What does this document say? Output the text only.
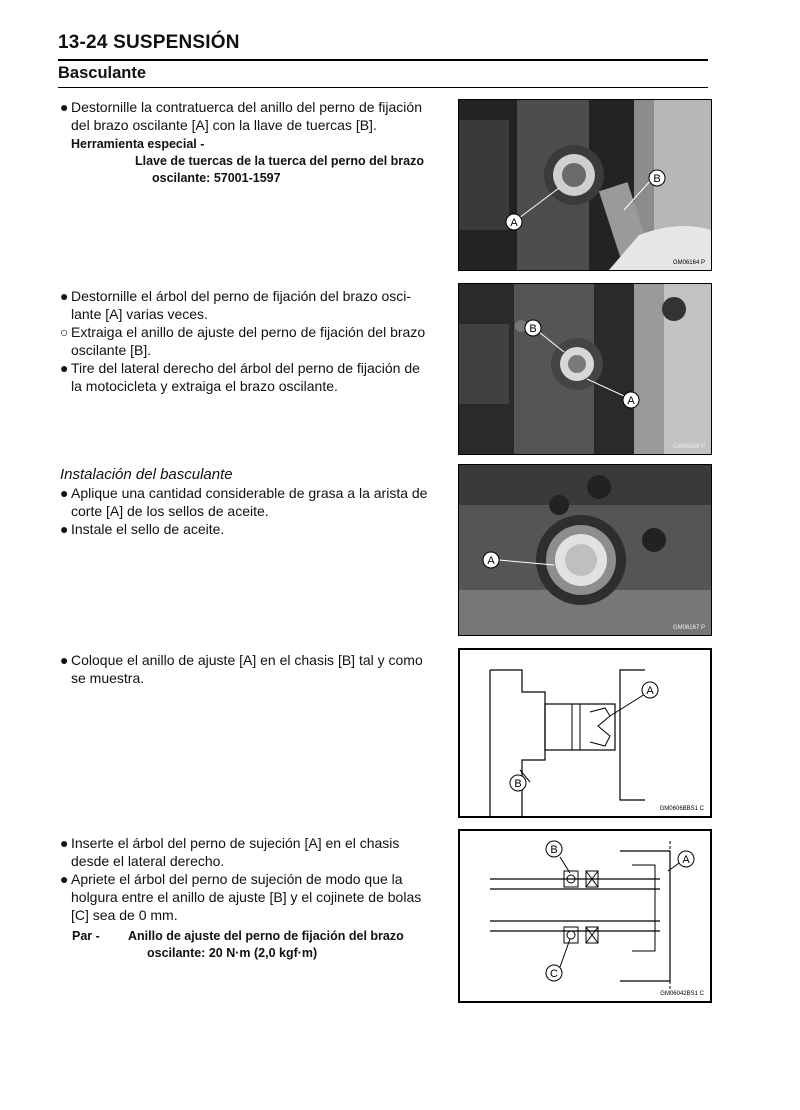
13-24 SUSPENSIÓN
Basculante
● Destornille la contratuerca del anillo del perno de fijación
del brazo oscilante [A] con la llave de tuercas [B].
Herramienta especial -
Llave de tuercas de la tuerca del perno del brazo
oscilante: 57001-1597
● Destornille el árbol del perno de fijación del brazo osci-
lante [A] varias veces.
○ Extraiga el anillo de ajuste del perno de fijación del brazo
oscilante [B].
● Tire del lateral derecho del árbol del perno de fijación de
la motocicleta y extraiga el brazo oscilante.
Instalación del basculante
● Aplique una cantidad considerable de grasa a la arista de
corte [A] de los sellos de aceite.
● Instale el sello de aceite.
● Coloque el anillo de ajuste [A] en el chasis [B] tal y como
se muestra.
● Inserte el árbol del perno de sujeción [A] en el chasis
desde el lateral derecho.
● Apriete el árbol del perno de sujeción de modo que la
holgura entre el anillo de ajuste [B] y el cojinete de bolas
[C] sea de 0 mm.
Par - Anillo de ajuste del perno de fijación del brazo
oscilante: 20 N·m (2,0 kgf·m)
A
B
GM06164 P
B
A
GM06166 P
A
GM06167 P
A
B
GM0606BBS1 C
B
A
C
GM06042BS1 C
